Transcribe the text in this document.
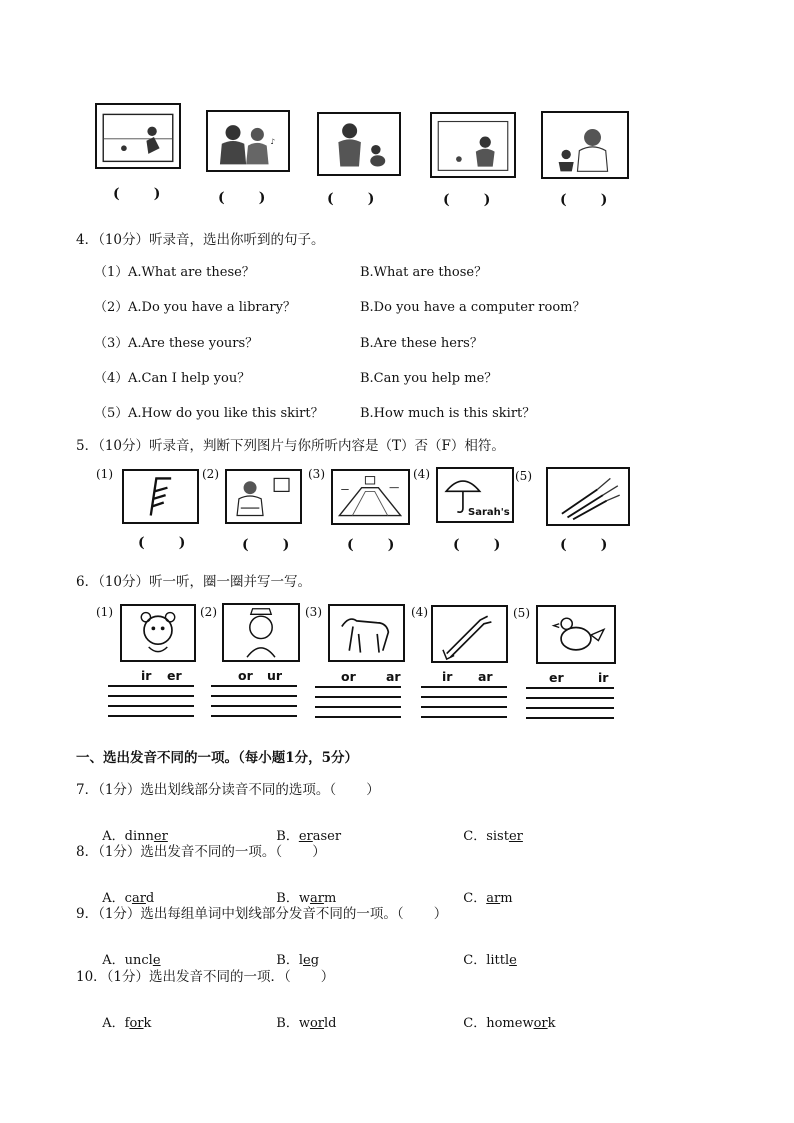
♪
(       )	(       )	(       )	(       )	(       )
4．（10分）听录音，选出你听到的句子。
（1） A.What are these？	B.What are those？
（2） A.Do you have a library？	B.Do you have a computer room？
（3） A.Are these yours？	B.Are these hers？
（4） A.Can I help you？	B.Can you help me？
（5） A.How do you like this skirt？	B.How much is this skirt？
5．（10分）听录音，判断下列图片与你所听内容是（T）否（F）相符。
(1)	(2)	(3)	(4)
Sarah's
(5)
(       )	(       )	(       )	(       )	(       )
6．（10分）听一听，圈一圈并写一写。
(1)	(2)	(3)	(4)	(5)
ir er	or ur	or ar	ir ar	er	ir
一、选出发音不同的一项。（每小题1分，5分）
7．（1分）选出划线部分读音不同的选项。（       ）

A．dinner	B．eraser	C．sister

8．（1分）选出发音不同的一项。（       ）

A．card	B．warm	C．arm

9．（1分）选出每组单词中划线部分发音不同的一项。（       ）

A．uncle	B．leg	C．little

10．（1分）选出发音不同的一项．（       ）

A．fork	B．world	C．homework
